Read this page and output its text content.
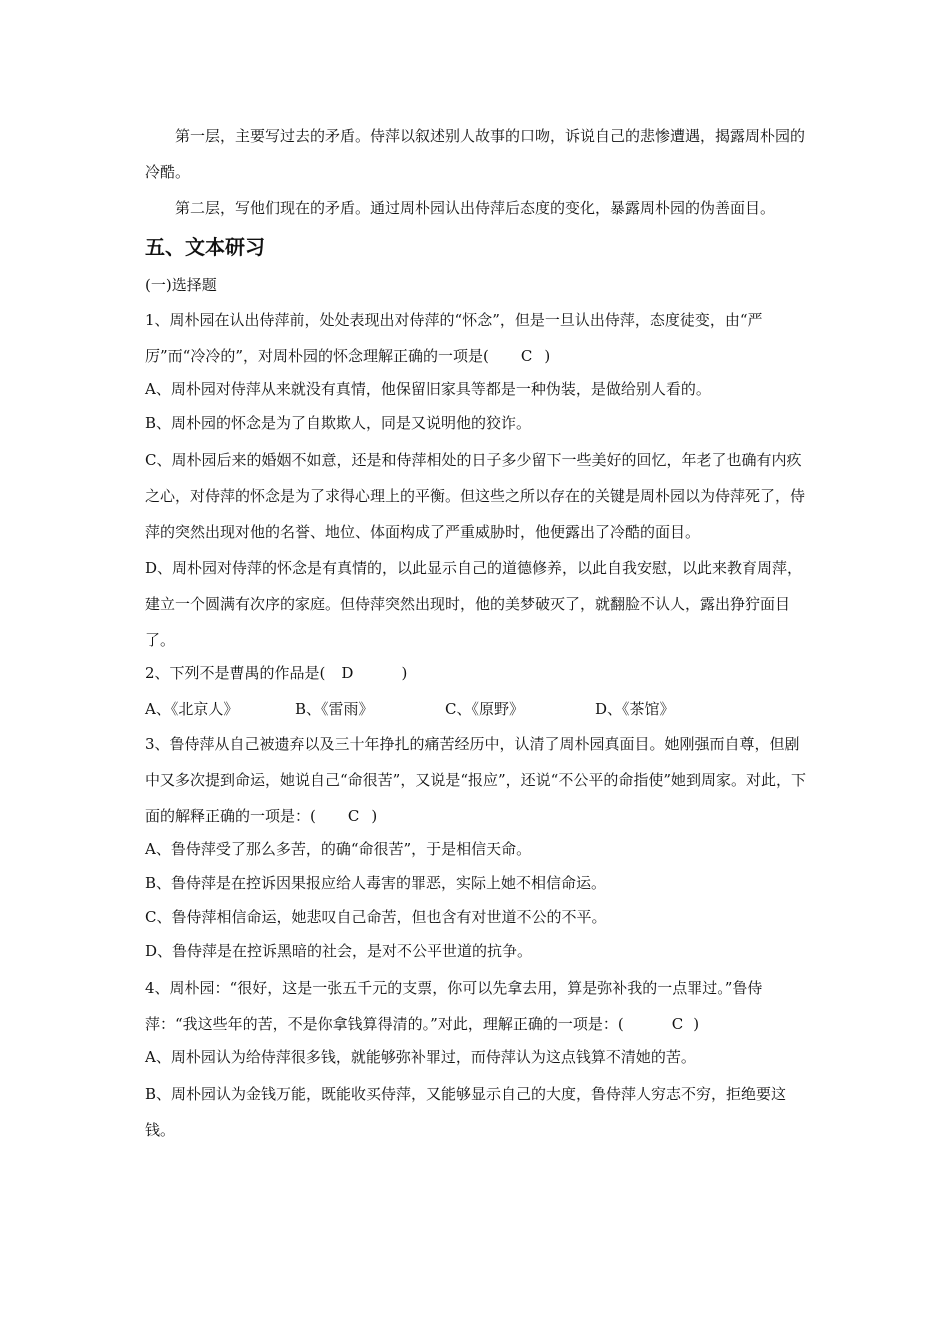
第一层，主要写过去的矛盾。侍萍以叙述别人故事的口吻，诉说自己的悲惨遭遇，揭露周朴园的冷酷。

第二层，写他们现在的矛盾。通过周朴园认出侍萍后态度的变化，暴露周朴园的伪善面目。

五、文本研习

(一)选择题

1、周朴园在认出侍萍前，处处表现出对侍萍的“怀念”，但是一旦认出侍萍，态度徒变，由“严厉”而“冷冷的”，对周朴园的怀念理解正确的一项是( C )

A、周朴园对侍萍从来就没有真情，他保留旧家具等都是一种伪装，是做给别人看的。

B、周朴园的怀念是为了自欺欺人，同是又说明他的狡诈。

C、周朴园后来的婚姻不如意，还是和侍萍相处的日子多少留下一些美好的回忆，年老了也确有内疚之心，对侍萍的怀念是为了求得心理上的平衡。但这些之所以存在的关键是周朴园以为侍萍死了，侍萍的突然出现对他的名誉、地位、体面构成了严重威胁时，他便露出了冷酷的面目。

D、周朴园对侍萍的怀念是有真情的，以此显示自己的道德修养，以此自我安慰，以此来教育周萍，建立一个圆满有次序的家庭。但侍萍突然出现时，他的美梦破灭了，就翻脸不认人，露出狰狞面目了。

2、下列不是曹禺的作品是( D	)

A、《北京人》	B、《雷雨》	C、《原野》	D、《茶馆》

3、鲁侍萍从自己被遗弃以及三十年挣扎的痛苦经历中，认清了周朴园真面目。她刚强而自尊，但剧中又多次提到命运，她说自己“命很苦”，又说是“报应”，还说“不公平的命指使”她到周家。对此，下面的解释正确的一项是：( C )

A、鲁侍萍受了那么多苦，的确“命很苦”，于是相信天命。

B、鲁侍萍是在控诉因果报应给人毒害的罪恶，实际上她不相信命运。

C、鲁侍萍相信命运，她悲叹自己命苦，但也含有对世道不公的不平。

D、鲁侍萍是在控诉黑暗的社会，是对不公平世道的抗争。

4、周朴园：“很好，这是一张五千元的支票，你可以先拿去用，算是弥补我的一点罪过。”鲁侍萍：“我这些年的苦，不是你拿钱算得清的。”对此，理解正确的一项是：(	C )

A、周朴园认为给侍萍很多钱，就能够弥补罪过，而侍萍认为这点钱算不清她的苦。

B、周朴园认为金钱万能，既能收买侍萍，又能够显示自己的大度，鲁侍萍人穷志不穷，拒绝要这钱。
